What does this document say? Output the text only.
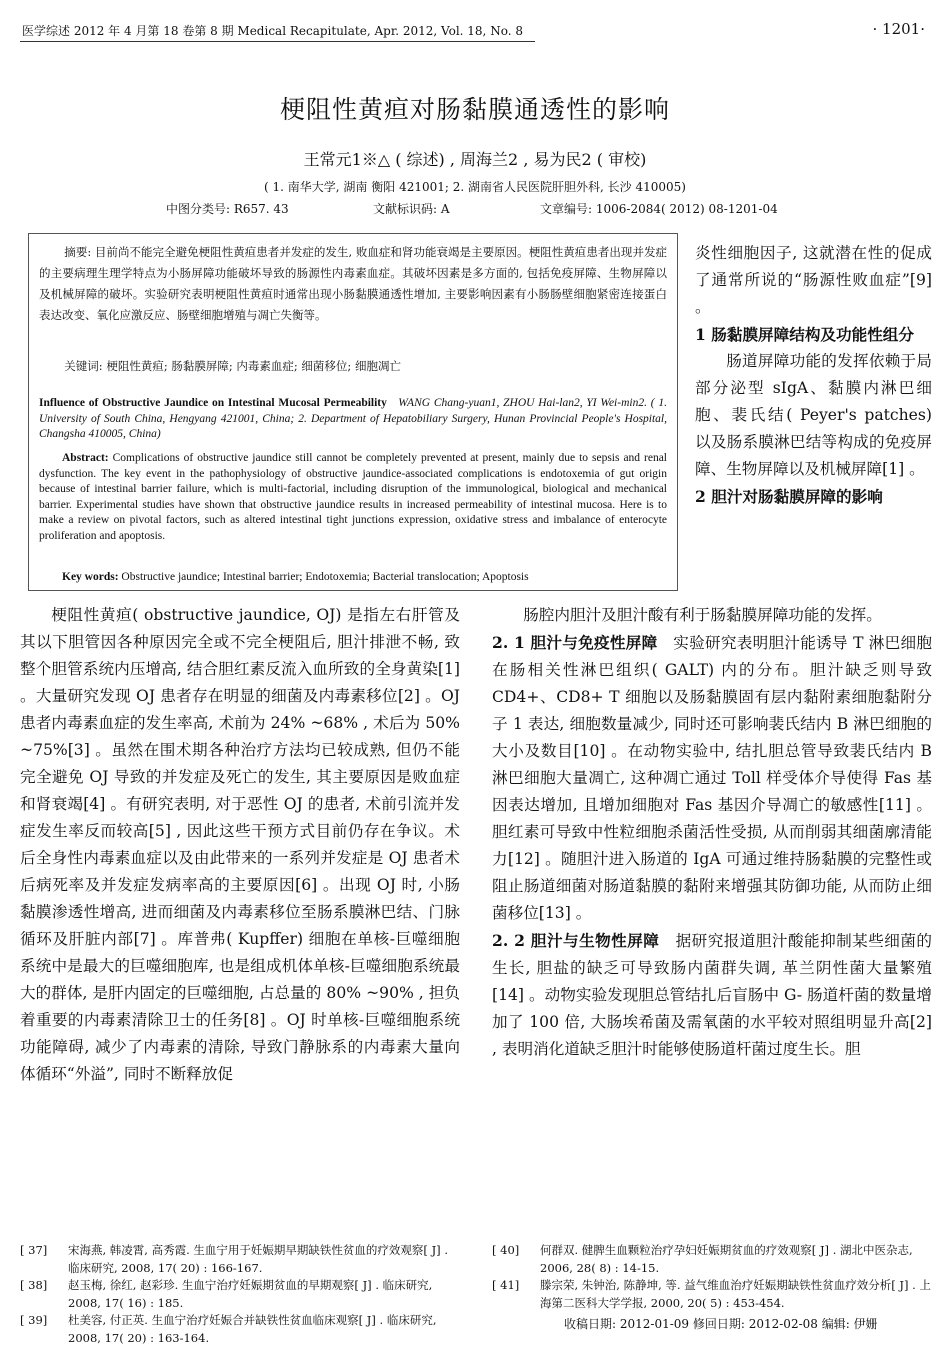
医学综述 2012 年 4 月第 18 卷第 8 期 Medical Recapitulate, Apr. 2012, Vol. 18, No. 8	· 1201·
梗阻性黄疸对肠黏膜通透性的影响
王常元1※△ ( 综述) , 周海兰2 , 易为民2 ( 审校)
( 1. 南华大学, 湖南 衡阳 421001; 2. 湖南省人民医院肝胆外科, 长沙 410005)
中图分类号: R657. 43	文献标识码: A	文章编号: 1006-2084( 2012) 08-1201-04
摘要: 目前尚不能完全避免梗阻性黄疸患者并发症的发生, 败血症和肾功能衰竭是主要原因。梗阻性黄疸患者出现并发症的主要病理生理学特点为小肠屏障功能破坏导致的肠源性内毒素血症。其破坏因素是多方面的, 包括免疫屏障、生物屏障以及机械屏障的破坏。实验研究表明梗阻性黄疸时通常出现小肠黏膜通透性增加, 主要影响因素有小肠肠壁细胞紧密连接蛋白表达改变、氧化应激反应、肠壁细胞增殖与凋亡失衡等。
关键词: 梗阻性黄疸; 肠黏膜屏障; 内毒素血症; 细菌移位; 细胞凋亡
Influence of Obstructive Jaundice on Intestinal Mucosal Permeability WANG Chang-yuan1, ZHOU Hai-lan2, YI Wei-min2. ( 1. University of South China, Hengyang 421001, China; 2. Department of Hepatobiliary Surgery, Hunan Provincial People's Hospital, Changsha 410005, China)
Abstract: Complications of obstructive jaundice still cannot be completely prevented at present, mainly due to sepsis and renal dysfunction. The key event in the pathophysiology of obstructive jaundice-associated complications is endotoxemia of gut origin because of intestinal barrier failure, which is multi-factorial, including disruption of the immunological, biological and mechanical barrier. Experimental studies have shown that obstructive jaundice results in increased permeability of intestinal mucosa. Here is to make a review on pivotal factors, such as altered intestinal tight junctions expression, oxidative stress and imbalance of enterocyte proliferation and apoptosis.
Key words: Obstructive jaundice; Intestinal barrier; Endotoxemia; Bacterial translocation; Apoptosis

炎性细胞因子, 这就潜在性的促成了通常所说的“肠源性败血症”[9] 。

1 肠黏膜屏障结构及功能性组分

肠道屏障功能的发挥依赖于局部分泌型 sIgA、黏膜内淋巴细胞、裴氏结( Peyer's patches) 以及肠系膜淋巴结等构成的免疫屏障、生物屏障以及机械屏障[1] 。

2 胆汁对肠黏膜屏障的影响

梗阻性黄疸( obstructive jaundice, OJ) 是指左右肝管及其以下胆管因各种原因完全或不完全梗阻后, 胆汁排泄不畅, 致整个胆管系统内压增高, 结合胆红素反流入血所致的全身黄染[1] 。大量研究发现 OJ 患者存在明显的细菌及内毒素移位[2] 。OJ 患者内毒素血症的发生率高, 术前为 24% ~68% , 术后为 50% ~75%[3] 。虽然在围术期各种治疗方法均已较成熟, 但仍不能完全避免 OJ 导致的并发症及死亡的发生, 其主要原因是败血症和肾衰竭[4] 。有研究表明, 对于恶性 OJ 的患者, 术前引流并发症发生率反而较高[5] , 因此这些干预方式目前仍存在争议。术后全身性内毒素血症以及由此带来的一系列并发症是 OJ 患者术后病死率及并发症发病率高的主要原因[6] 。出现 OJ 时, 小肠黏膜渗透性增高, 进而细菌及内毒素移位至肠系膜淋巴结、门脉循环及肝脏内部[7] 。库普弗( Kupffer) 细胞在单核-巨噬细胞系统中是最大的巨噬细胞库, 也是组成机体单核-巨噬细胞系统最大的群体, 是肝内固定的巨噬细胞, 占总量的 80% ~90% , 担负着重要的内毒素清除卫士的任务[8] 。OJ 时单核-巨噬细胞系统功能障碍, 减少了内毒素的清除, 导致门静脉系的内毒素大量向体循环“外溢”, 同时不断释放促

肠腔内胆汁及胆汁酸有利于肠黏膜屏障功能的发挥。

2. 1 胆汁与免疫性屏障 实验研究表明胆汁能诱导 T 淋巴细胞在肠相关性淋巴组织( GALT) 内的分布。胆汁缺乏则导致 CD4+、CD8+ T 细胞以及肠黏膜固有层内黏附素细胞黏附分子 1 表达, 细胞数量减少, 同时还可影响裴氏结内 B 淋巴细胞的大小及数目[10] 。在动物实验中, 结扎胆总管导致裴氏结内 B 淋巴细胞大量凋亡, 这种凋亡通过 Toll 样受体介导使得 Fas 基因表达增加, 且增加细胞对 Fas 基因介导凋亡的敏感性[11] 。胆红素可导致中性粒细胞杀菌活性受损, 从而削弱其细菌廓清能力[12] 。随胆汁进入肠道的 IgA 可通过维持肠黏膜的完整性或阻止肠道细菌对肠道黏膜的黏附来增强其防御功能, 从而防止细菌移位[13] 。

2. 2 胆汁与生物性屏障 据研究报道胆汁酸能抑制某些细菌的生长, 胆盐的缺乏可导致肠内菌群失调, 革兰阴性菌大量繁殖[14] 。动物实验发现胆总管结扎后盲肠中 G- 肠道杆菌的数量增加了 100 倍, 大肠埃希菌及需氧菌的水平较对照组明显升高[2] , 表明消化道缺乏胆汁时能够使肠道杆菌过度生长。胆

[ 37]	宋海燕, 韩凌霄, 高秀霞. 生血宁用于妊娠期早期缺铁性贫血的疗效观察[ J] . 临床研究, 2008, 17( 20) : 166-167.
[ 38]	赵玉梅, 徐红, 赵彩珍. 生血宁治疗妊娠期贫血的早期观察[ J] . 临床研究, 2008, 17( 16) : 185.
[ 39]	杜美容, 付正英. 生血宁治疗妊娠合并缺铁性贫血临床观察[ J] . 临床研究, 2008, 17( 20) : 163-164.
[ 40]	何群双. 健脾生血颗粒治疗孕妇妊娠期贫血的疗效观察[ J] . 湖北中医杂志, 2006, 28( 8) : 14-15.
[ 41]	滕宗荣, 朱钟治, 陈静坤, 等. 益气维血治疗妊娠期缺铁性贫血疗效分析[ J] . 上海第二医科大学学报, 2000, 20( 5) : 453-454.
收稿日期: 2012-01-09 修回日期: 2012-02-08 编辑: 伊姗
